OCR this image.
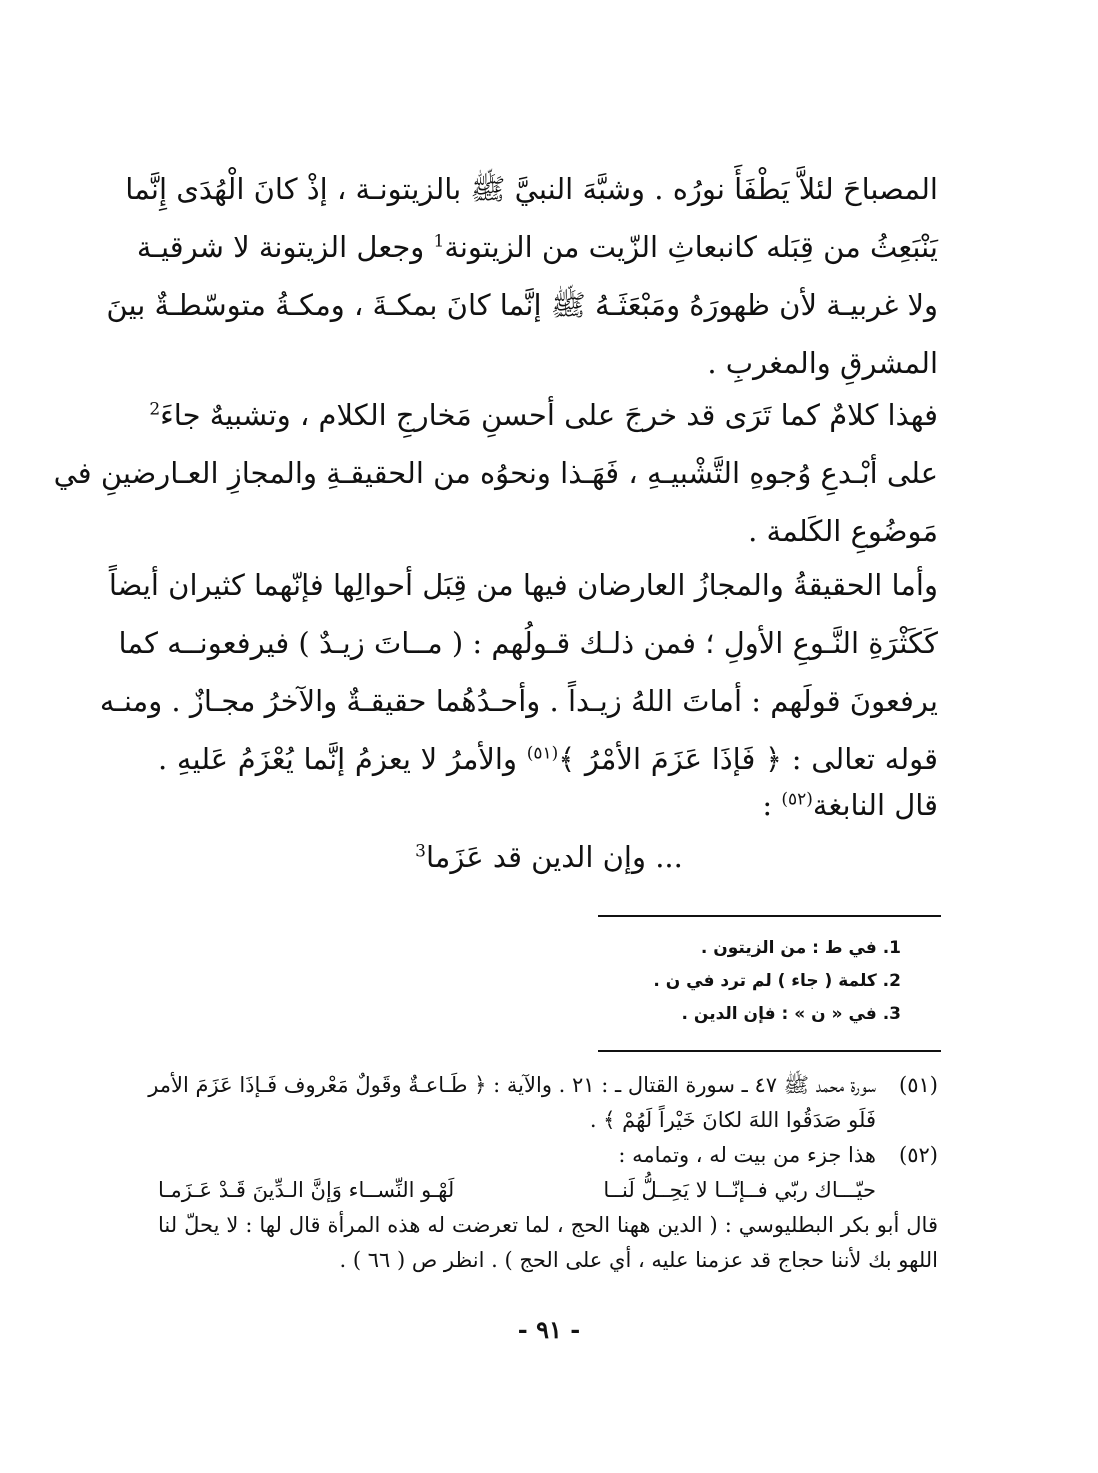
المصباحَ لئلاَّ يَطْفَأَ نورُه . وشبَّهَ النبيَّ ﷺ بالزيتونـة ، إذْ كانَ الْهُدَى إِنَّما
يَنْبَعِثُ من قِبَله كانبعاثِ الزّيت من الزيتونة$^1$ وجعل الزيتونة لا شرقيـة
ولا غربيـة لأن ظهورَهُ ومَبْعَثَـهُ ﷺ إنَّما كانَ بمكـةَ ، ومكـةُ متوسّطـةٌ بينَ
المشرقِ والمغربِ .
فهذا كلامٌ كما تَرَى قد خرجَ على أحسنِ مَخارجِ الكلام ، وتشبيهٌ جاءَ$^2$
على أبْـدعِ وُجوهِ التَّشْبيـهِ ، فَهَـذا ونحوُه من الحقيقـةِ والمجازِ العـارضينِ في
مَوضُوعِ الكَلمة .
وأما الحقيقةُ والمجازُ العارضان فيها من قِبَل أحوالِها فإنّهما كثيران أيضاً
كَكَثْرَةِ النَّـوعِ الأولِ ؛ فمن ذلـك قـولُهم : ( مــاتَ زيـدٌ ) فيرفعونــه كما
يرفعونَ قولَهم : أماتَ اللهُ زيـداً . وأحـدُهُما حقيقـةٌ والآخرُ مجـازٌ . ومنـه
قوله تعالى : ﴿ فَإذَا عَزَمَ الأمْرُ ﴾$^{(٥١)}$ والأمرُ لا يعزمُ إنَّما يُعْزَمُ عَليهِ .
قال النابغة$^{(٥٢)}$ :
... وإن الدين قد عَزَما$^3$
1. في ط : من الزيتون .
2. كلمة ( جاء ) لم ترد في ن .
3. في « ن » : فإن الدين .
(٥١)
سورة محمد ﷺ ٤٧ ـ سورة القتال ـ : ٢١ . والآية : ﴿ طَـاعـةٌ وقَولٌ مَعْروف فَـإذَا عَزَمَ الأمر
فَلَو صَدَقُوا اللهَ لكانَ خَيْراً لَهُمْ ﴾ .
(٥٢)
هذا جزء من بيت له ، وتمامه :
حيّـــاك ربّي فــإنّــا لا يَحِــلُّ لَنــا
لَهْـو النِّســاء وَإنَّ الـدِّينَ قَـدْ عَـزَمـا
قال أبو بكر البطليوسي : ( الدين ههنا الحج ، لما تعرضت له هذه المرأة قال لها : لا يحلّ لنا
اللهو بك لأننا حجاج قد عزمنا عليه ، أي على الحج ) . انظر ص ( ٦٦ ) .
- ٩١ -
